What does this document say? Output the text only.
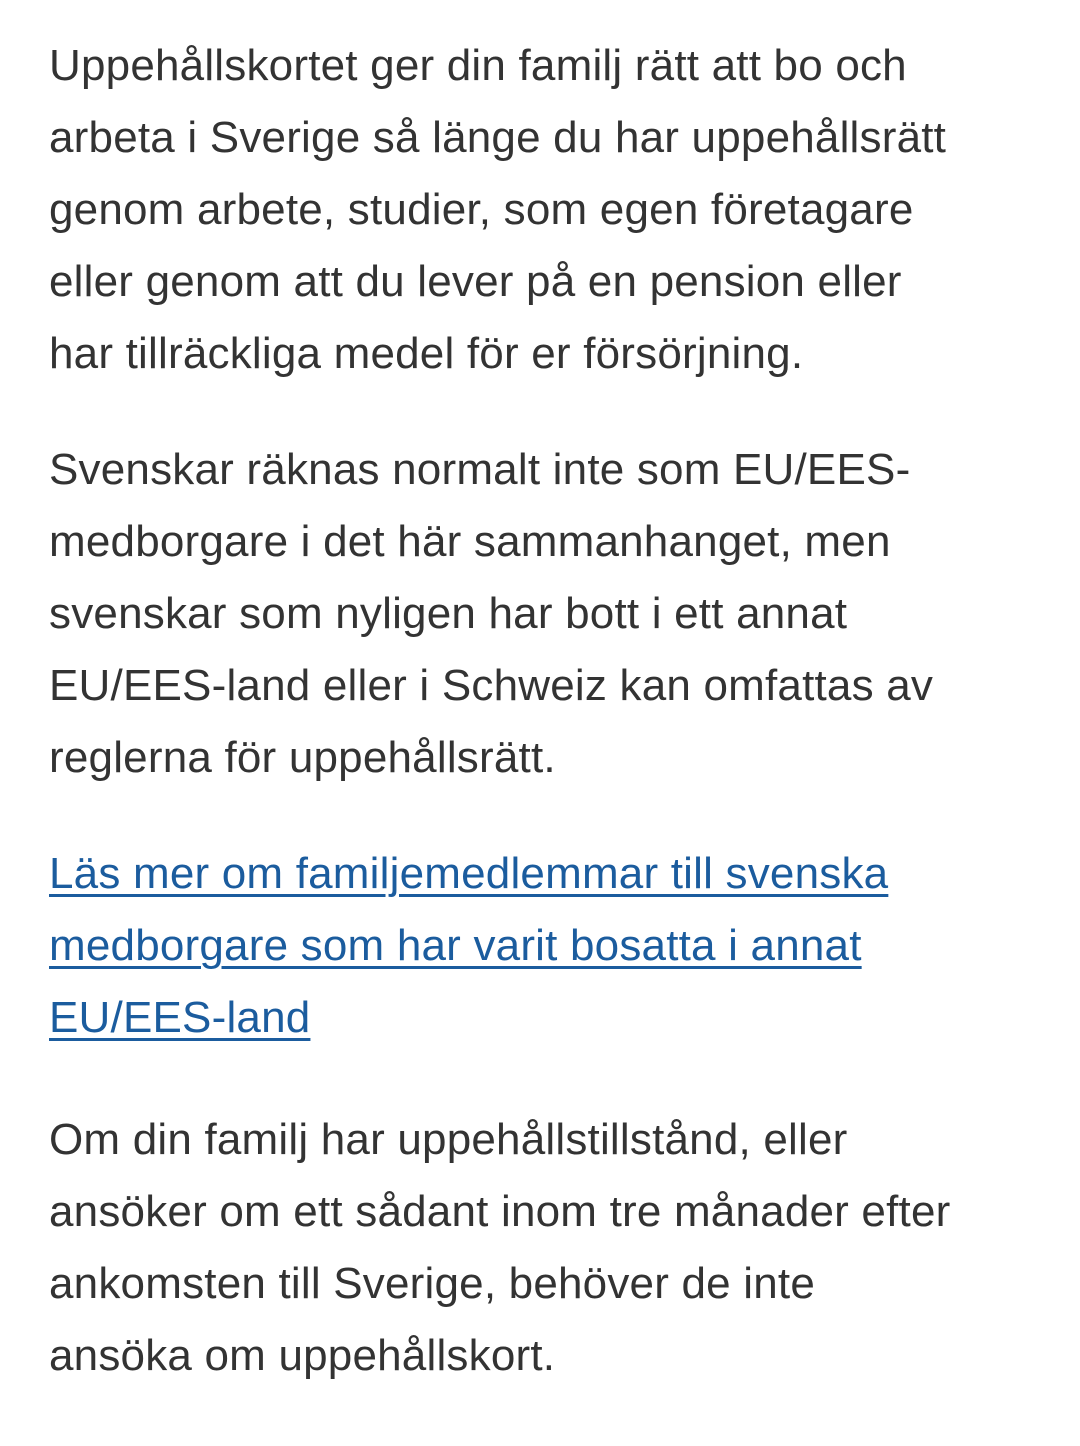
Uppehållskortet ger din familj rätt att bo och
arbeta i Sverige så länge du har uppehållsrätt
genom arbete, studier, som egen företagare
eller genom att du lever på en pension eller
har tillräckliga medel för er försörjning.

Svenskar räknas normalt inte som EU/EES-
medborgare i det här sammanhanget, men
svenskar som nyligen har bott i ett annat
EU/EES-land eller i Schweiz kan omfattas av
reglerna för uppehållsrätt.

Läs mer om familjemedlemmar till svenska
medborgare som har varit bosatta i annat
EU/EES-land

Om din familj har uppehållstillstånd, eller
ansöker om ett sådant inom tre månader efter
ankomsten till Sverige, behöver de inte
ansöka om uppehållskort.
